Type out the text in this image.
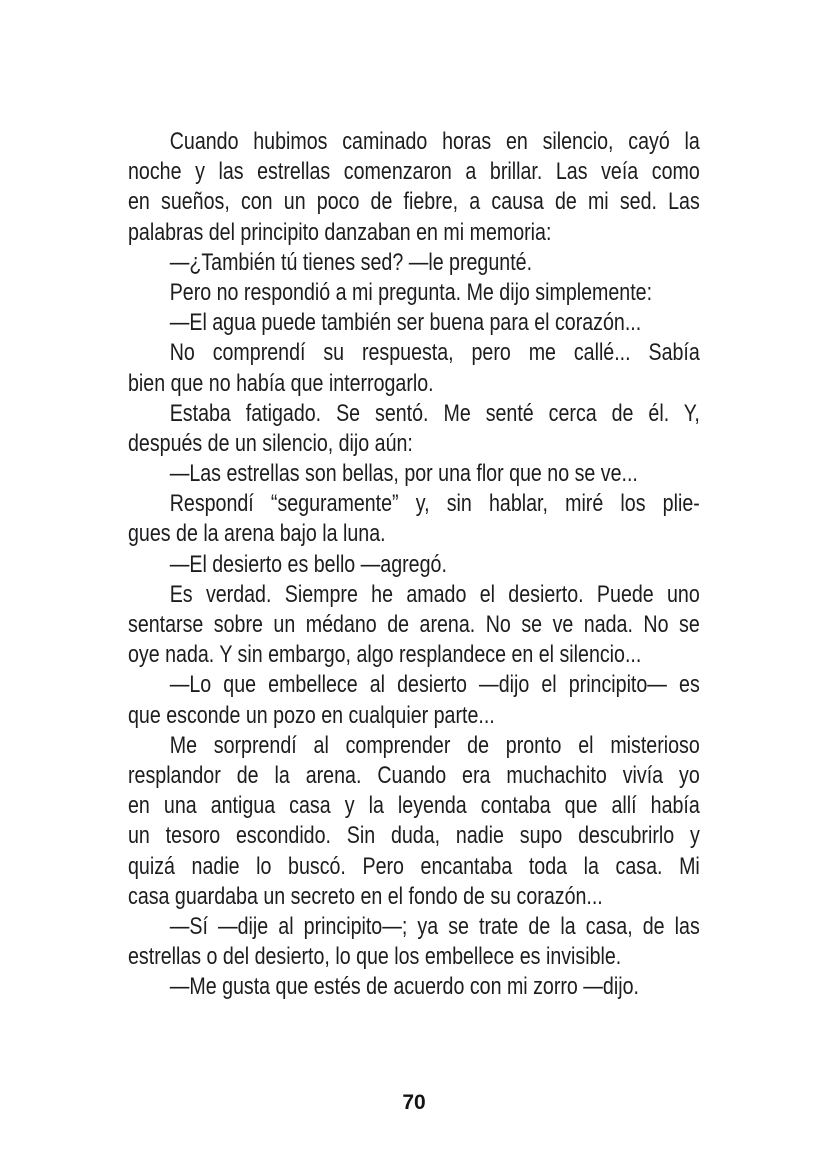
Cuando hubimos caminado horas en silencio, cayó la
noche y las estrellas comenzaron a brillar. Las veía como
en sueños, con un poco de fiebre, a causa de mi sed. Las
palabras del principito danzaban en mi memoria:
—¿También tú tienes sed? —le pregunté.
Pero no respondió a mi pregunta. Me dijo simplemente:
—El agua puede también ser buena para el corazón...
No comprendí su respuesta, pero me callé... Sabía
bien que no había que interrogarlo.
Estaba fatigado. Se sentó. Me senté cerca de él. Y,
después de un silencio, dijo aún:
—Las estrellas son bellas, por una flor que no se ve...
Respondí “seguramente” y, sin hablar, miré los plie-
gues de la arena bajo la luna.
—El desierto es bello —agregó.
Es verdad. Siempre he amado el desierto. Puede uno
sentarse sobre un médano de arena. No se ve nada. No se
oye nada. Y sin embargo, algo resplandece en el silencio...
—Lo que embellece al desierto —dijo el principito— es
que esconde un pozo en cualquier parte...
Me sorprendí al comprender de pronto el misterioso
resplandor de la arena. Cuando era muchachito vivía yo
en una antigua casa y la leyenda contaba que allí había
un tesoro escondido. Sin duda, nadie supo descubrirlo y
quizá nadie lo buscó. Pero encantaba toda la casa. Mi
casa guardaba un secreto en el fondo de su corazón...
—Sí —dije al principito—; ya se trate de la casa, de las
estrellas o del desierto, lo que los embellece es invisible.
—Me gusta que estés de acuerdo con mi zorro —dijo.
70
